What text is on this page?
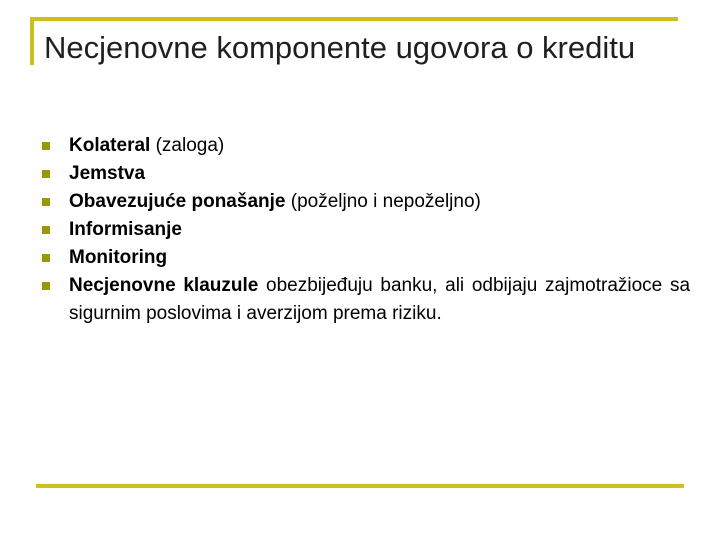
Necjenovne komponente ugovora o kreditu
Kolateral (zaloga)
Jemstva
Obavezujuće ponašanje (poželjno i nepoželjno)
Informisanje
Monitoring
Necjenovne klauzule obezbijeđuju banku, ali odbijaju zajmotražioce sa sigurnim poslovima i averzijom prema riziku.
